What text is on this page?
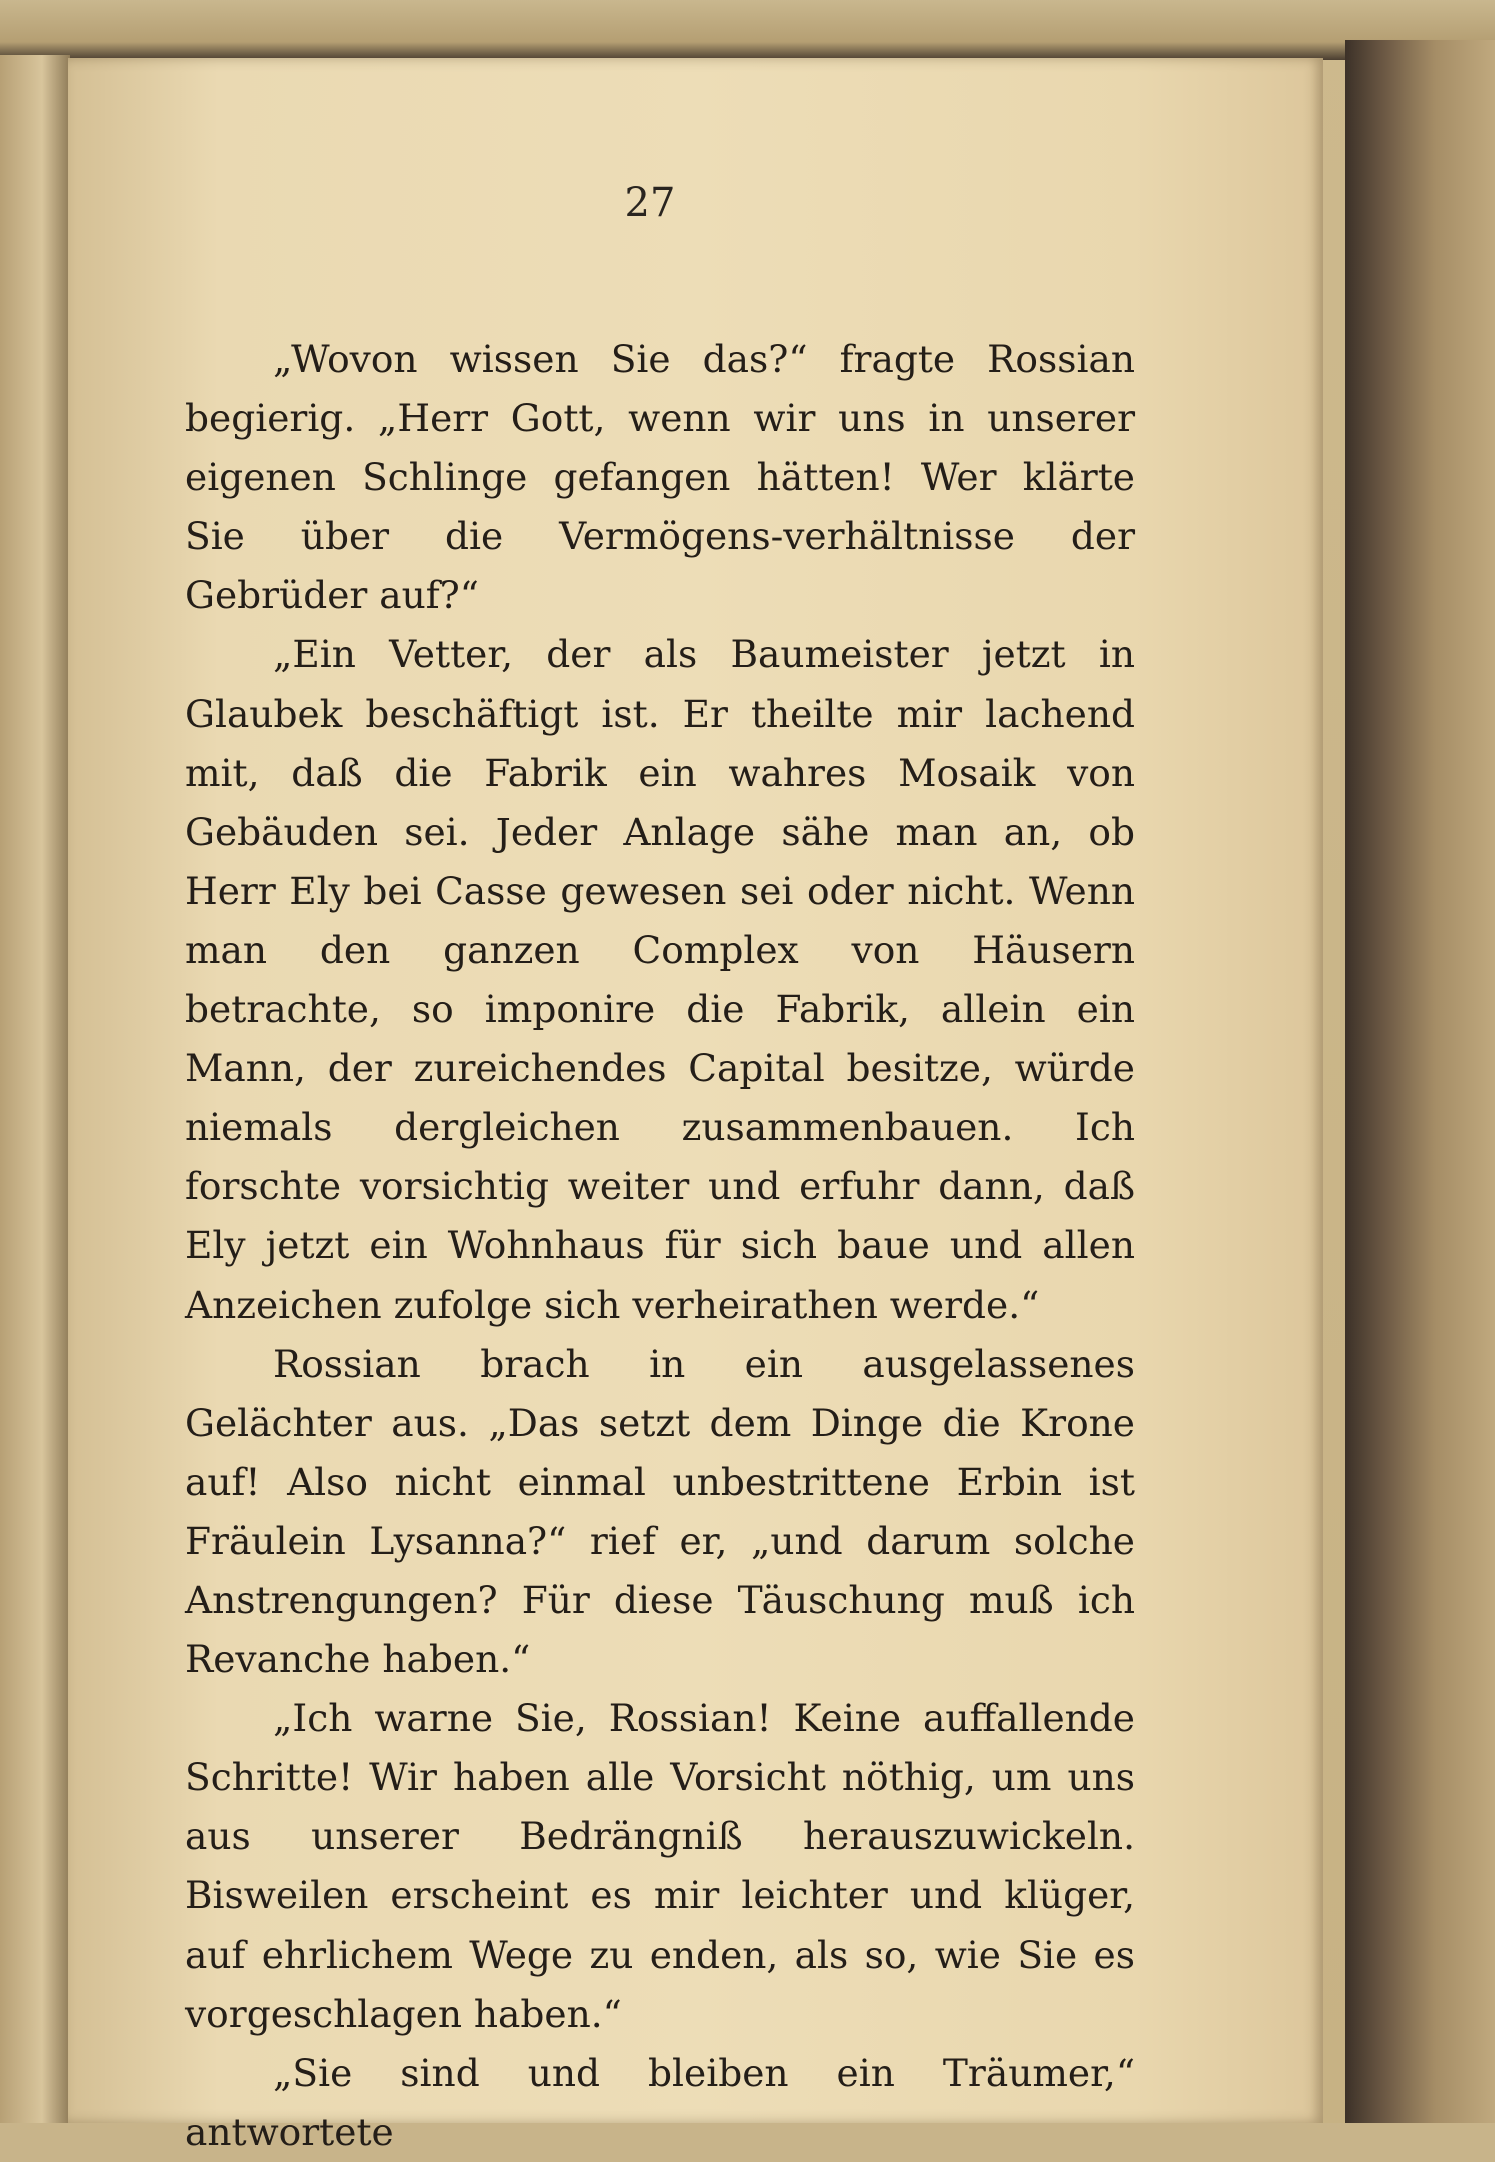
27

„Wovon wissen Sie das?“ fragte Rossian begierig. „Herr Gott, wenn wir uns in unserer eigenen Schlinge gefangen hätten! Wer klärte Sie über die Vermögens-verhältnisse der Gebrüder auf?“

„Ein Vetter, der als Baumeister jetzt in Glaubek beschäftigt ist. Er theilte mir lachend mit, daß die Fabrik ein wahres Mosaik von Gebäuden sei. Jeder Anlage sähe man an, ob Herr Ely bei Casse gewesen sei oder nicht. Wenn man den ganzen Complex von Häusern betrachte, so imponire die Fabrik, allein ein Mann, der zureichendes Capital besitze, würde niemals dergleichen zusammenbauen. Ich forschte vorsichtig weiter und erfuhr dann, daß Ely jetzt ein Wohnhaus für sich baue und allen Anzeichen zufolge sich verheirathen werde.“

Rossian brach in ein ausgelassenes Gelächter aus. „Das setzt dem Dinge die Krone auf! Also nicht einmal unbestrittene Erbin ist Fräulein Lysanna?“ rief er, „und darum solche Anstrengungen? Für diese Täuschung muß ich Revanche haben.“

„Ich warne Sie, Rossian! Keine auffallende Schritte! Wir haben alle Vorsicht nöthig, um uns aus unserer Bedrängniß herauszuwickeln. Bisweilen erscheint es mir leichter und klüger, auf ehrlichem Wege zu enden, als so, wie Sie es vorgeschlagen haben.“

„Sie sind und bleiben ein Träumer,“ antwortete
